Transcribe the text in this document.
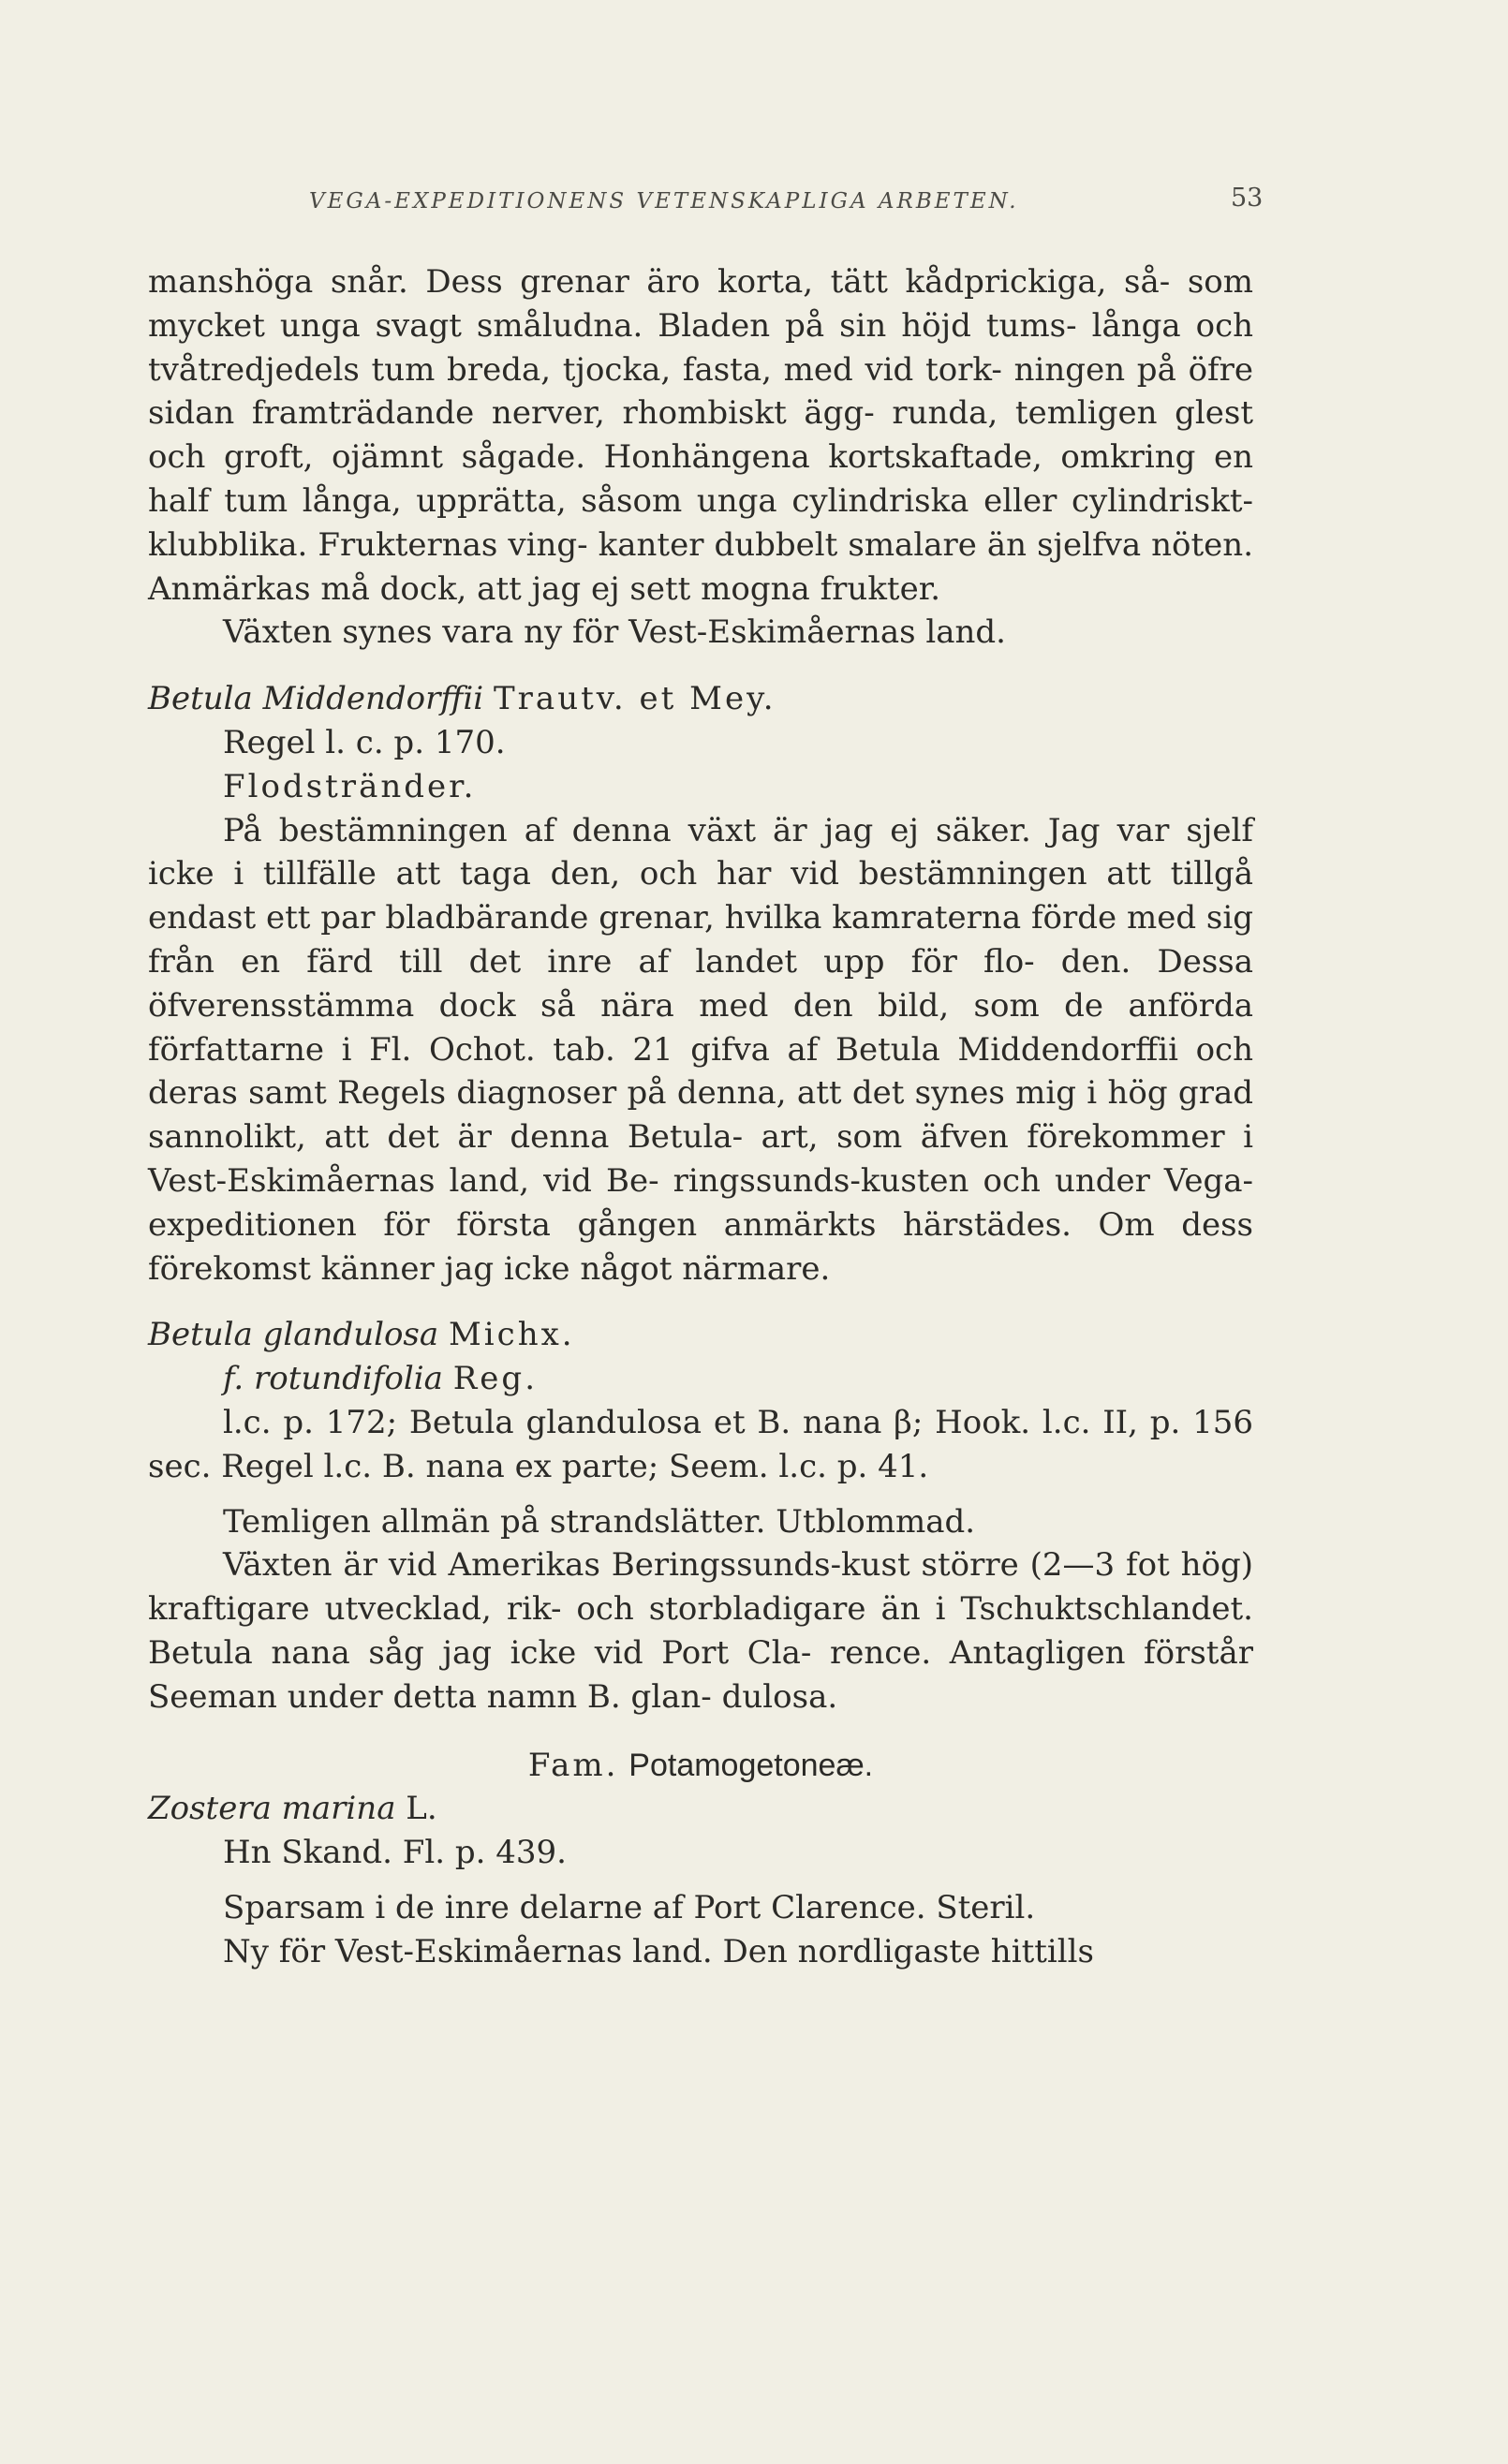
VEGA-EXPEDITIONENS VETENSKAPLIGA ARBETEN.	53

manshöga snår. Dess grenar äro korta, tätt kådprickiga, så- som mycket unga svagt småludna. Bladen på sin höjd tums- långa och tvåtredjedels tum breda, tjocka, fasta, med vid tork- ningen på öfre sidan framträdande nerver, rhombiskt ägg- runda, temligen glest och groft, ojämnt sågade. Honhängena kortskaftade, omkring en half tum långa, upprätta, såsom unga cylindriska eller cylindriskt-klubblika. Frukternas ving- kanter dubbelt smalare än sjelfva nöten. Anmärkas må dock, att jag ej sett mogna frukter.

Växten synes vara ny för Vest-Eskimåernas land.

Betula Middendorffii Trautv. et Mey.

Regel l. c. p. 170.

Flodstränder.

På bestämningen af denna växt är jag ej säker. Jag var sjelf icke i tillfälle att taga den, och har vid bestämningen att tillgå endast ett par bladbärande grenar, hvilka kamraterna förde med sig från en färd till det inre af landet upp för flo- den. Dessa öfverensstämma dock så nära med den bild, som de anförda författarne i Fl. Ochot. tab. 21 gifva af Betula Middendorffii och deras samt Regels diagnoser på denna, att det synes mig i hög grad sannolikt, att det är denna Betula- art, som äfven förekommer i Vest-Eskimåernas land, vid Be- ringssunds-kusten och under Vega-expeditionen för första gången anmärkts härstädes. Om dess förekomst känner jag icke något närmare.

Betula glandulosa Michx.

f. rotundifolia Reg.

l.c. p. 172; Betula glandulosa et B. nana β; Hook. l.c. II, p. 156 sec. Regel l.c. B. nana ex parte; Seem. l.c. p. 41.

Temligen allmän på strandslätter. Utblommad.

Växten är vid Amerikas Beringssunds-kust större (2—3 fot hög) kraftigare utvecklad, rik- och storbladigare än i Tschuktschlandet. Betula nana såg jag icke vid Port Cla- rence. Antagligen förstår Seeman under detta namn B. glan- dulosa.

Fam. Potamogetoneæ.

Zostera marina L.

Hn Skand. Fl. p. 439.

Sparsam i de inre delarne af Port Clarence. Steril.

Ny för Vest-Eskimåernas land. Den nordligaste hittills
